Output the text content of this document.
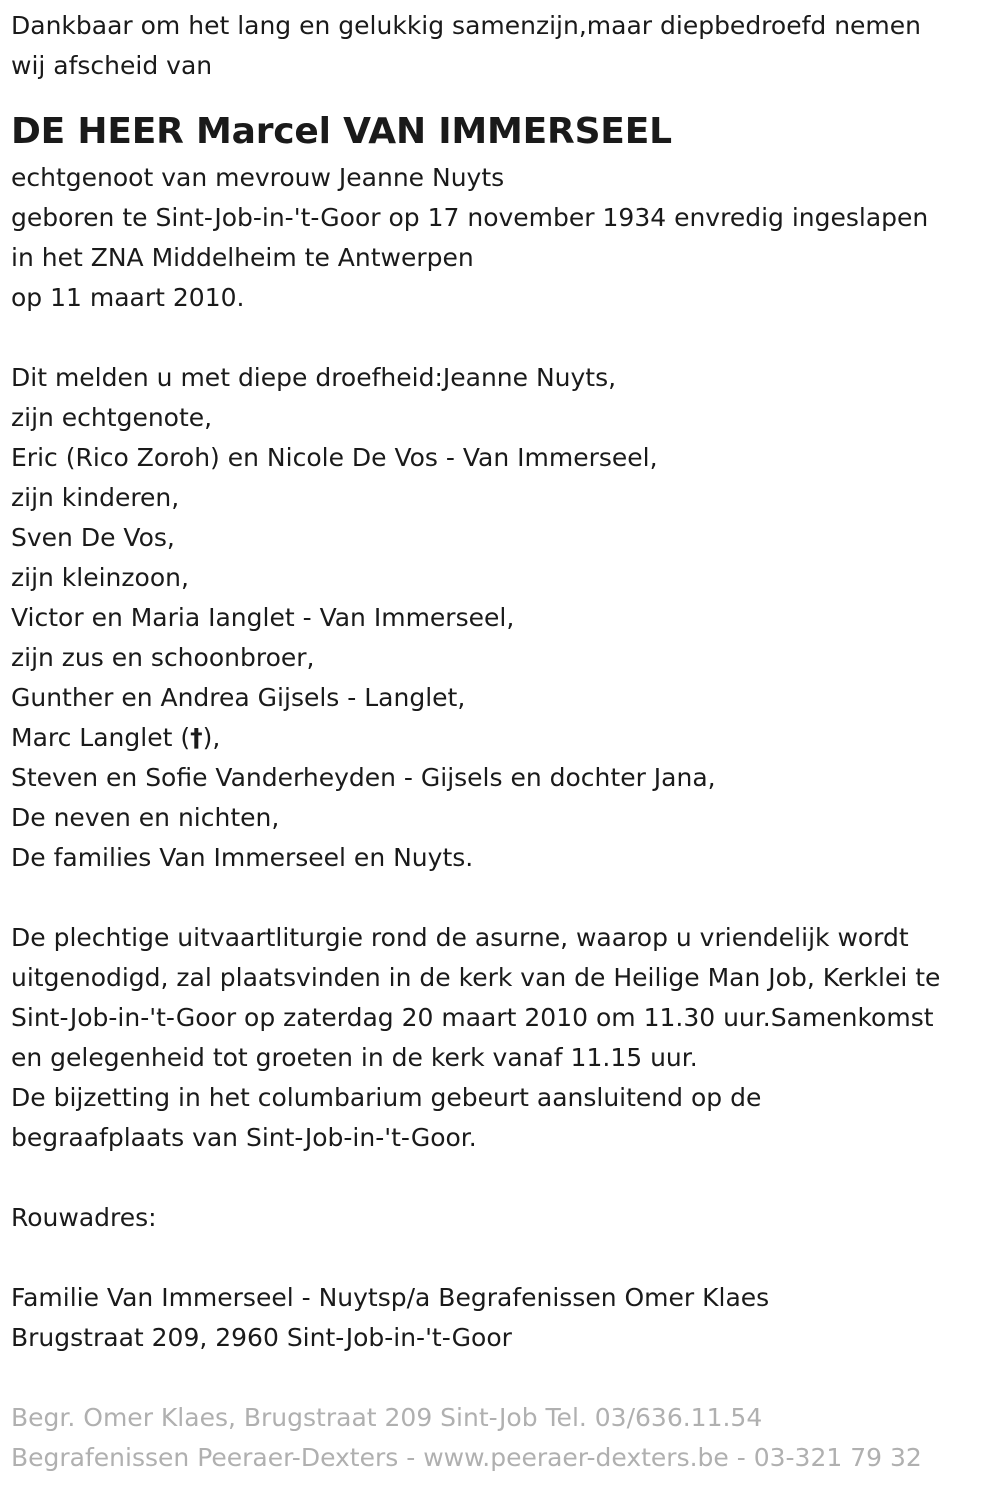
Dankbaar om het lang en gelukkig samenzijn,maar diepbedroefd nemen

wij afscheid van

DE HEER Marcel VAN IMMERSEEL

echtgenoot van mevrouw Jeanne Nuyts

geboren te Sint-Job-in-'t-Goor op 17 november 1934 envredig ingeslapen

in het ZNA Middelheim te Antwerpen

op 11 maart 2010.

Dit melden u met diepe droefheid:Jeanne Nuyts,

zijn echtgenote,

Eric (Rico Zoroh) en Nicole De Vos - Van Immerseel,

zijn kinderen,

Sven De Vos,

zijn kleinzoon,

Victor en Maria Ianglet - Van Immerseel,

zijn zus en schoonbroer,

Gunther en Andrea Gijsels - Langlet,

Marc Langlet (†),

Steven en Sofie Vanderheyden - Gijsels en dochter Jana,

De neven en nichten,

De families Van Immerseel en Nuyts.

De plechtige uitvaartliturgie rond de asurne, waarop u vriendelijk wordt

uitgenodigd, zal plaatsvinden in de kerk van de Heilige Man Job, Kerklei te

Sint-Job-in-'t-Goor op zaterdag 20 maart 2010 om 11.30 uur.Samenkomst

en gelegenheid tot groeten in de kerk vanaf 11.15 uur.

De bijzetting in het columbarium gebeurt aansluitend op de

begraafplaats van Sint-Job-in-'t-Goor.

Rouwadres:

Familie Van Immerseel - Nuytsp/a Begrafenissen Omer Klaes

Brugstraat 209, 2960 Sint-Job-in-'t-Goor

Begr. Omer Klaes, Brugstraat 209 Sint-Job Tel. 03/636.11.54

Begrafenissen Peeraer-Dexters - www.peeraer-dexters.be - 03-321 79 32
